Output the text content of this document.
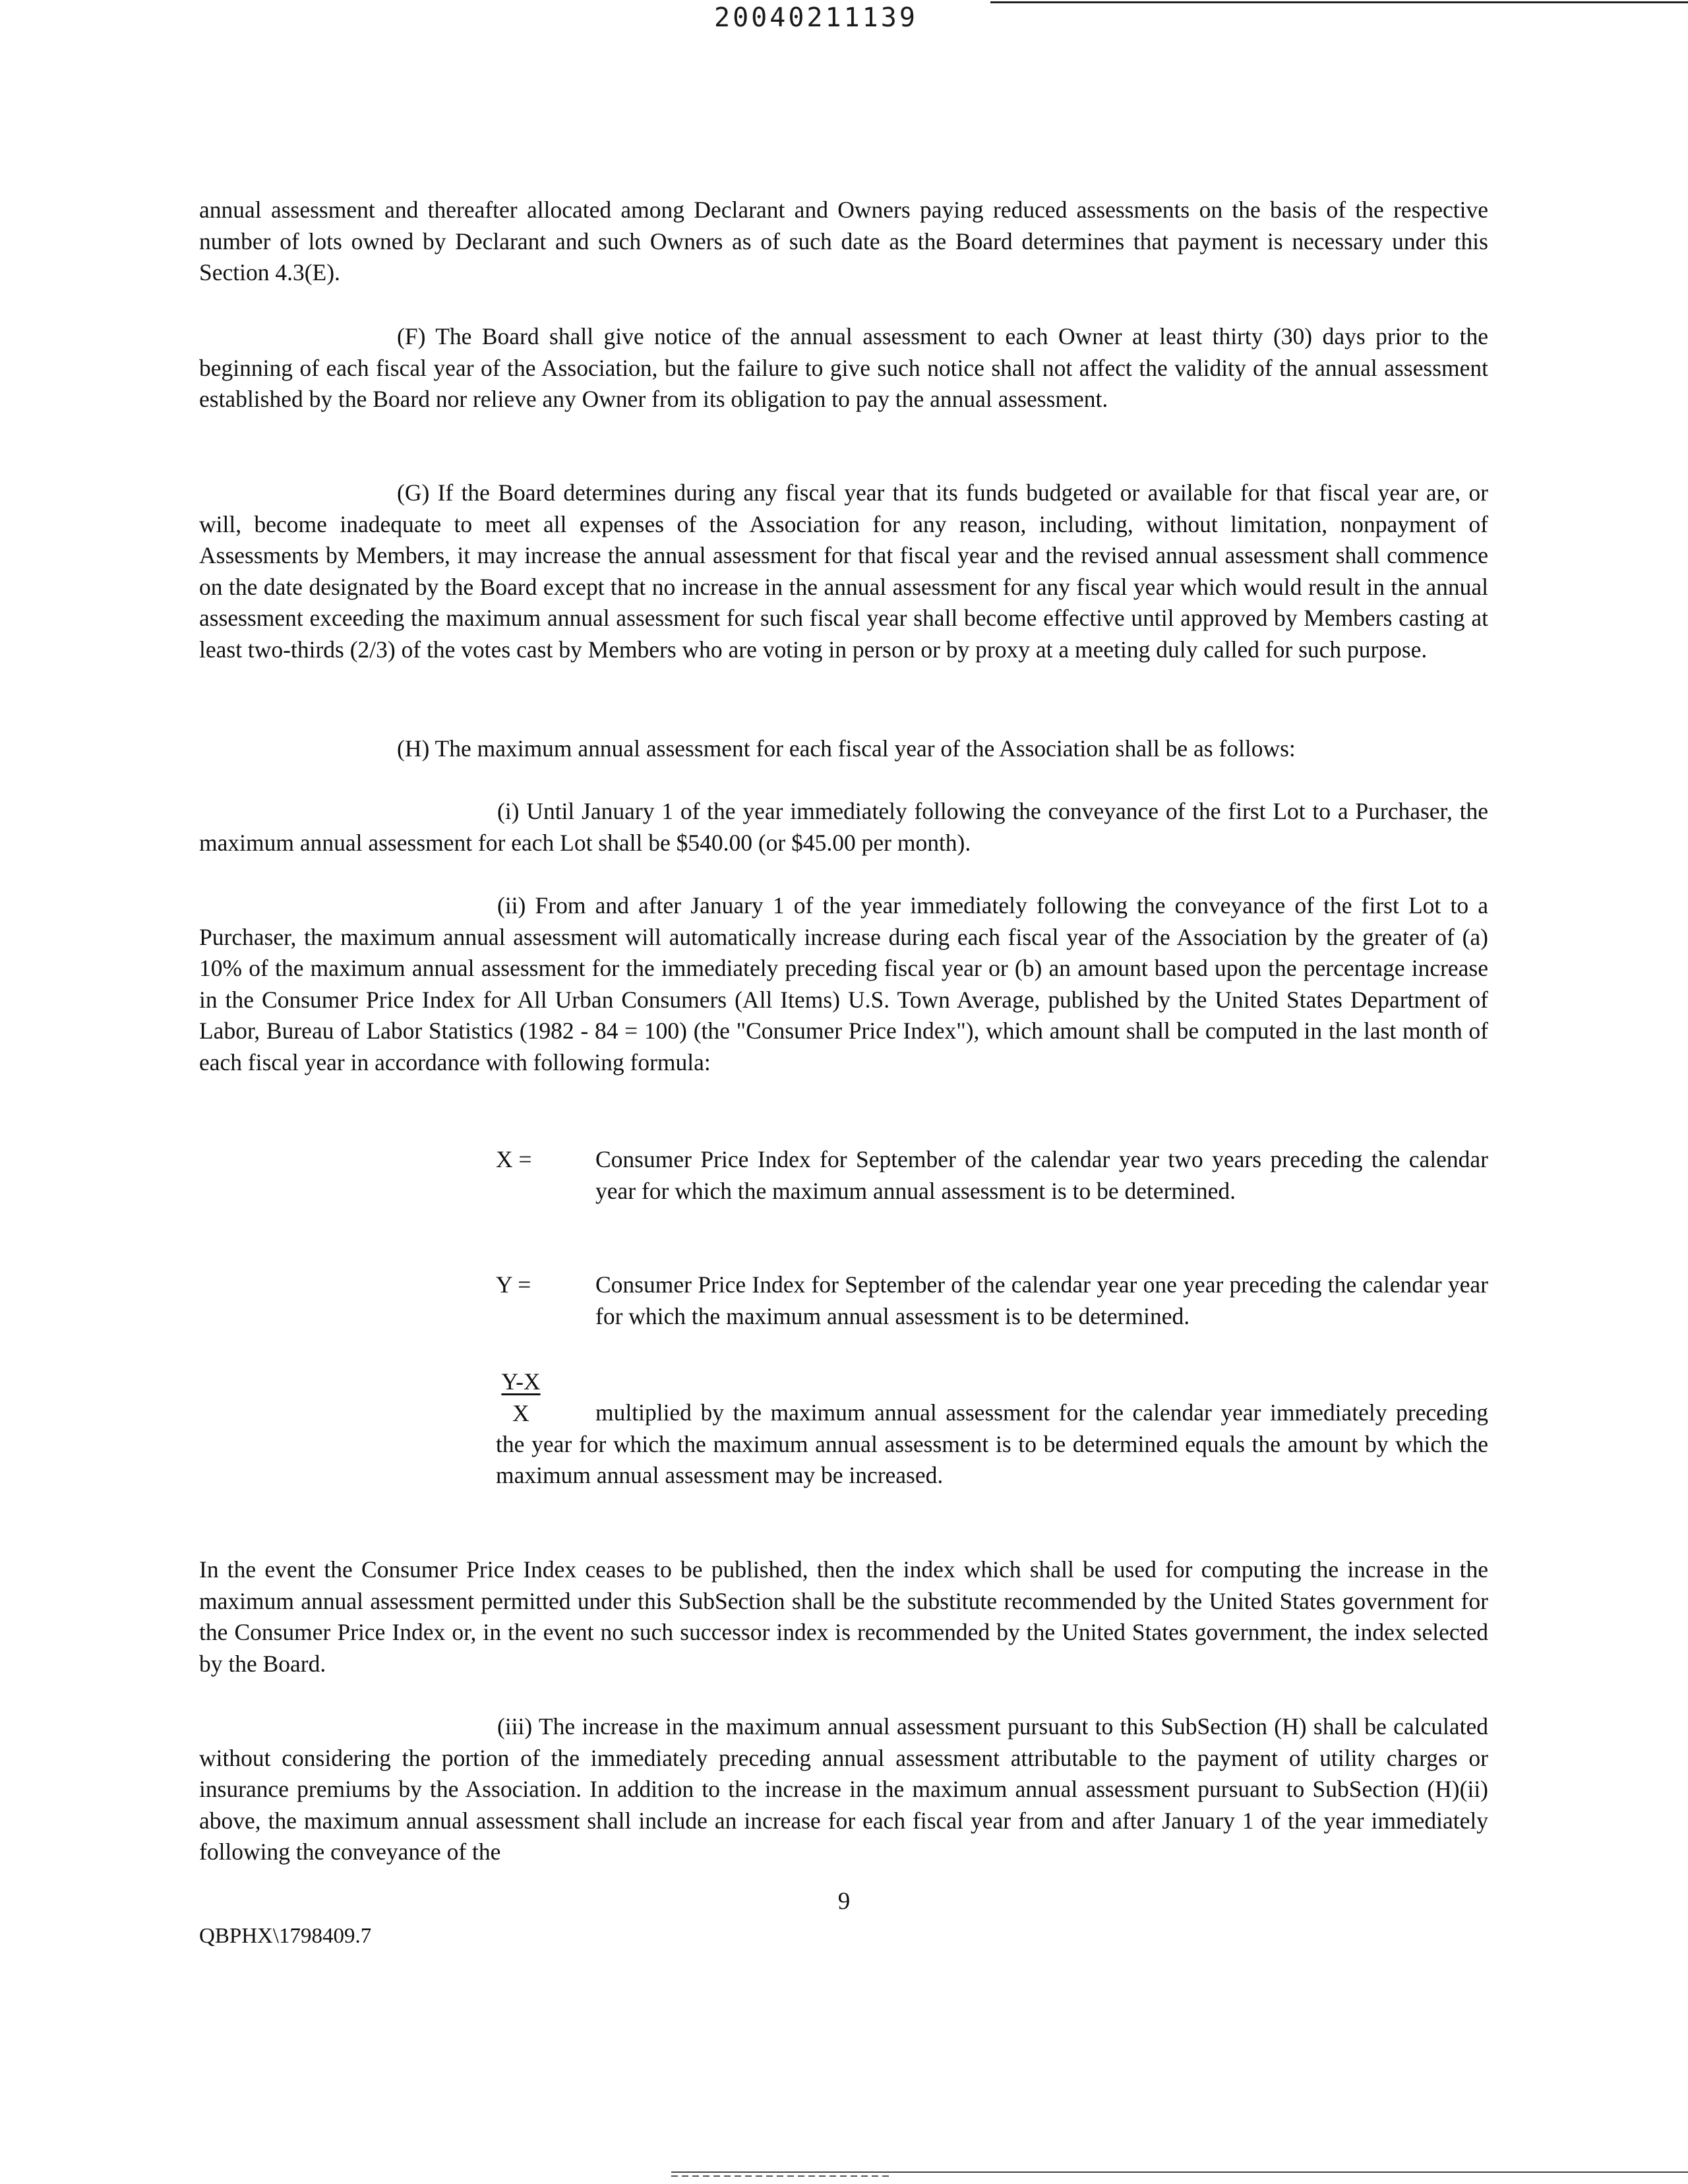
20040211139

annual assessment and thereafter allocated among Declarant and Owners paying reduced assessments on the basis of the respective number of lots owned by Declarant and such Owners as of such date as the Board determines that payment is necessary under this Section 4.3(E).

(F) The Board shall give notice of the annual assessment to each Owner at least thirty (30) days prior to the beginning of each fiscal year of the Association, but the failure to give such notice shall not affect the validity of the annual assessment established by the Board nor relieve any Owner from its obligation to pay the annual assessment.

(G) If the Board determines during any fiscal year that its funds budgeted or available for that fiscal year are, or will, become inadequate to meet all expenses of the Association for any reason, including, without limitation, nonpayment of Assessments by Members, it may increase the annual assessment for that fiscal year and the revised annual assessment shall commence on the date designated by the Board except that no increase in the annual assessment for any fiscal year which would result in the annual assessment exceeding the maximum annual assessment for such fiscal year shall become effective until approved by Members casting at least two-thirds (2/3) of the votes cast by Members who are voting in person or by proxy at a meeting duly called for such purpose.

(H) The maximum annual assessment for each fiscal year of the Association shall be as follows:

(i) Until January 1 of the year immediately following the conveyance of the first Lot to a Purchaser, the maximum annual assessment for each Lot shall be $540.00 (or $45.00 per month).

(ii) From and after January 1 of the year immediately following the conveyance of the first Lot to a Purchaser, the maximum annual assessment will automatically increase during each fiscal year of the Association by the greater of (a) 10% of the maximum annual assessment for the immediately preceding fiscal year or (b) an amount based upon the percentage increase in the Consumer Price Index for All Urban Consumers (All Items) U.S. Town Average, published by the United States Department of Labor, Bureau of Labor Statistics (1982 - 84 = 100) (the "Consumer Price Index"), which amount shall be computed in the last month of each fiscal year in accordance with following formula:

X =	Consumer Price Index for September of the calendar year two years preceding the calendar year for which the maximum annual assessment is to be determined.
Y =	Consumer Price Index for September of the calendar year one year preceding the calendar year for which the maximum annual assessment is to be determined.
$\frac{Y-X}{X}$	multiplied by the maximum annual assessment for the calendar year immediately preceding the year for which the maximum annual assessment is to be determined equals the amount by which the maximum annual assessment may be increased.

In the event the Consumer Price Index ceases to be published, then the index which shall be used for computing the increase in the maximum annual assessment permitted under this SubSection shall be the substitute recommended by the United States government for the Consumer Price Index or, in the event no such successor index is recommended by the United States government, the index selected by the Board.

(iii) The increase in the maximum annual assessment pursuant to this SubSection (H) shall be calculated without considering the portion of the immediately preceding annual assessment attributable to the payment of utility charges or insurance premiums by the Association. In addition to the increase in the maximum annual assessment pursuant to SubSection (H)(ii) above, the maximum annual assessment shall include an increase for each fiscal year from and after January 1 of the year immediately following the conveyance of the

9
QBPHX\1798409.7
